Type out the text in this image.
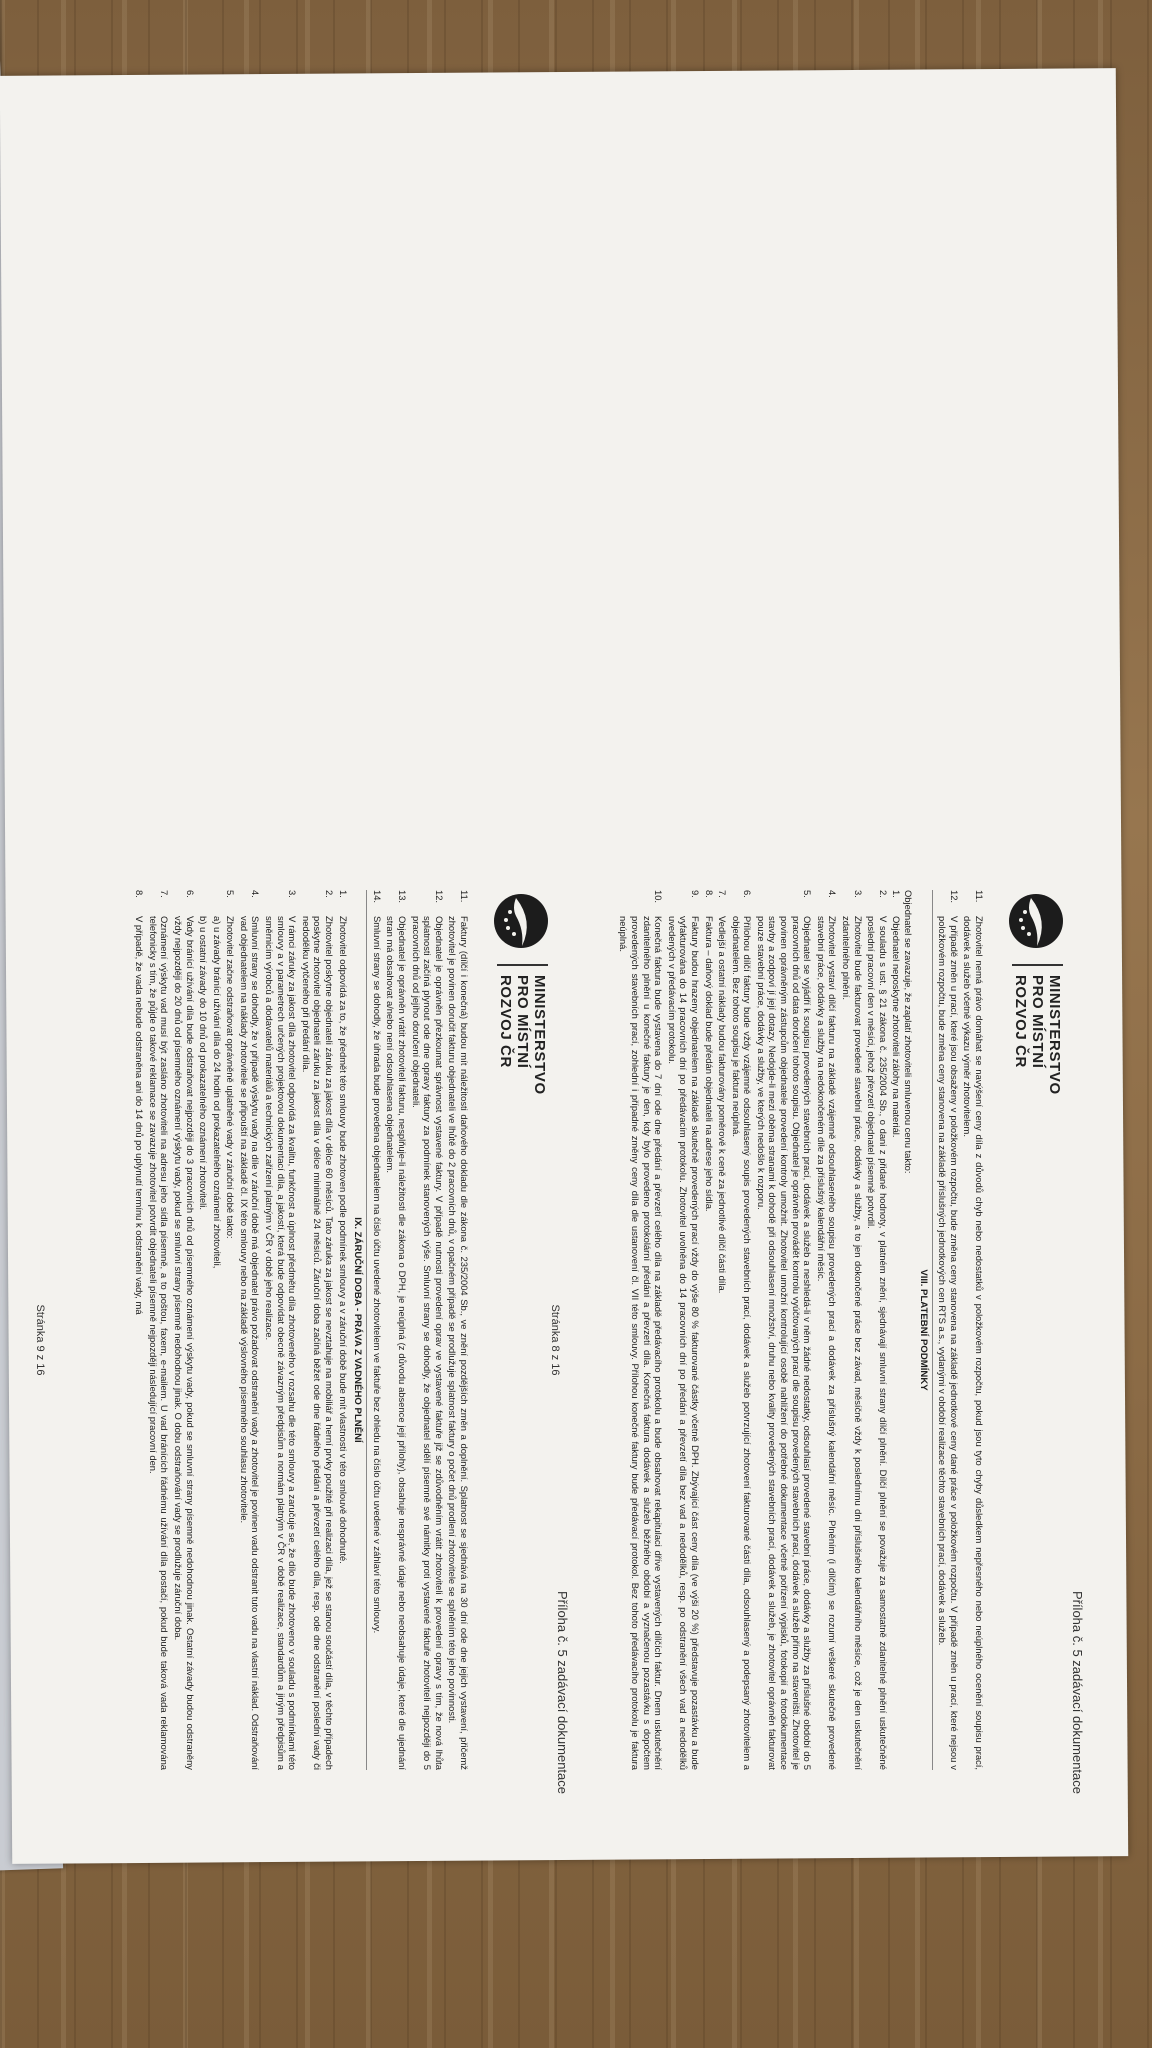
Příloha č. 5 zadávací dokumentace
MINISTERSTVO
PRO MÍSTNÍ
ROZVOJ ČR
11.
Zhotovitel nemá právo domáhat se navýšení ceny díla z důvodů chyb nebo nedostatků v položkovém rozpočtu, pokud jsou tyto chyby důsledkem nepřesného nebo neúplného ocenění soupisu prací, dodávek a služeb včetně výkazu výměr zhotovitelem.
12.
V případě změn u prací, které jsou obsaženy v položkovém rozpočtu, bude změna ceny stanovena na základě jednotkové ceny dané práce v položkovém rozpočtu. V případě změn u prací, které nejsou v položkovém rozpočtu, bude změna ceny stanovena na základě příslušných jednotkových cen RTS a.s., vydanými v období realizace těchto stavebních prací, dodávek a služeb.
VIII. PLATEBNÍ PODMÍNKY
Objednatel se zavazuje, že zaplatí zhotoviteli smluvenou cenu takto:
1.
Objednatel neposkytne zhotoviteli zálohy na materiál.
2.
V souladu s ust. § 21 zákona č. 235/2004 Sb., o dani z přidané hodnoty, v platném znění, sjednávají smluvní strany dílčí plnění. Dílčí plnění se považuje za samostatně zdanitelné plnění uskutečněné poslední pracovní den v měsíci, jehož převzetí objednatel písemně potvrdil.
3.
Zhotovitel bude fakturovat provedené stavební práce, dodávky a služby, a to jen dokončené práce bez závad, měsíčně vždy k poslednímu dni příslušného kalendářního měsíce, což je den uskutečnění zdanitelného plnění.
4.
Zhotovitel vystaví dílčí fakturu na základě vzájemně odsouhlaseného soupisu provedených prací a dodávek za příslušný kalendářní měsíc. Plněním (i dílčím) se rozumí veškeré skutečně provedené stavební práce, dodávky a služby na nedokončeném díle za příslušný kalendářní měsíc.
5.
Objednatel se vyjádří k soupisu provedených stavebních prací, dodávek a služeb a neshledá-li v něm žádné nedostatky, odsouhlasí provedené stavební práce, dodávky a služby za příslušné období do 5 pracovních dnů od data doručení tohoto soupisu. Objednatel je oprávněn provádět kontrolu vyúčtovaných prací dle soupisu provedených stavebních prací, dodávek a služeb přímo na staveništi. Zhotovitel je povinen oprávněným zástupcům objednatele provedení kontroly umožnit. Zhotovitel umožní kontrolující osobě nahlížení do potřebné dokumentace včetně pořízení výpisků, fotokopií a fotodokumentace stavby a zodpoví jí její dotazy. Nedojde-li mezi oběma stranami k dohodě při odsouhlasení množství, druhu nebo kvality provedených stavebních prací, dodávek a služeb, je zhotovitel oprávněn fakturovat pouze stavební práce, dodávky a služby, ve kterých nedošlo k rozporu.
6.
Přílohou dílčí faktury bude vždy vzájemně odsouhlasený soupis provedených stavebních prací, dodávek a služeb potvrzující zhotovení fakturované části díla, odsouhlasený a podepsaný zhotovitelem a objednatelem. Bez tohoto soupisu je faktura neúplná.
7.
Vedlejší a ostatní náklady budou fakturovány poměrově k ceně za jednotlivé dílčí části díla.
8.
Faktura – daňový doklad bude předán objednateli na adrese jeho sídla.
9.
Faktury budou hrazeny objednatelem na základě skutečně provedených prací vždy do výše 80 % fakturované částky včetně DPH. Zbývající část ceny díla (ve výši 20 %) představuje pozastávku a bude vyfakturována do 14 pracovních dní po předávacím protokolu. Zhotovitel uvolněna do 14 pracovních dní po předání a převzetí díla bez vad a nedodělků, resp. po odstranění všech vad a nedodělků uvedených v předávacím protokolu.
10.
Konečná faktura bude vystavena do 7 dní ode dne předání a převzetí celého díla na základě předávacího protokolu a bude obsahovat rekapitulaci dříve vystavených dílčích faktur. Dnem uskutečnění zdanitelného plnění u konečné faktury je den, kdy bylo provedeno protokolární předání a převzetí díla. Konečná faktura dodávek a služeb běžného období a vyznačenou pozastávku s dopočtem provedených stavebních prací, zohlední i případné změny ceny díla dle ustanovení čl. VII této smlouvy. Přílohou konečné faktury bude předávací protokol. Bez tohoto předávacího protokolu je faktura neúplná.
Stránka 8 z 16
Příloha č. 5 zadávací dokumentace
MINISTERSTVO
PRO MÍSTNÍ
ROZVOJ ČR
11.
Faktury (dílčí i konečná) budou mít náležitosti daňového dokladu dle zákona č. 235/2004 Sb., ve znění pozdějších změn a doplnění. Splatnost se sjednává na 30 dní ode dne jejich vystavení, přičemž zhotovitel je povinen doručit fakturu objednateli ve lhůtě do 2 pracovních dnů, v opačném případě se prodlužuje splatnost faktury o počet dnů prodlení zhotovitele se splněním této jeho povinnosti.
12.
Objednatel je oprávněn přezkoumat správnost vystavené faktury. V případě nutnosti provedení oprav ve vystavené faktuře již se zdůvodněním vrátit zhotoviteli k provedení opravy s tím, že nová lhůta splatnosti začíná plynout ode dne opravy faktury za podmínek stanovených výše. Smluvní strany se dohodly, že objednatel sdělí písemně své námitky proti vystavené faktuře zhotoviteli nejpozději do 5 pracovních dnů od jejího doručení objednateli.
13.
Objednatel je oprávněn vrátit zhotoviteli fakturu, nesplňuje-li náležitosti dle zákona o DPH, je neúplná (z důvodu absence její přílohy), obsahuje nesprávné údaje nebo neobsahuje údaje, které dle ujednání stran má obsahovat a/nebo není odsouhlasena objednatelem.
14.
Smluvní strany se dohodly, že úhrada bude provedena objednatelem na číslo účtu uvedené zhotovitelem ve faktuře bez ohledu na číslo účtu uvedené v záhlaví této smlouvy.
IX. ZÁRUČNÍ DOBA - PRÁVA Z VADNÉHO PLNĚNÍ
1.
Zhotovitel odpovídá za to, že předmět této smlouvy bude zhotoven podle podmínek smlouvy a v záruční době bude mít vlastnosti v této smlouvě dohodnuté.
2.
Zhotovitel poskytne objednateli záruku za jakost díla v délce 60 měsíců. Tato záruka za jakost se nevztahuje na mobiliář a herní prvky použité při realizaci díla, jež se stanou součástí díla, v těchto případech poskytne zhotovitel objednateli záruku za jakost díla v délce minimálně 24 měsíců. Záruční doba začíná běžet ode dne řádného předání a převzetí celého díla, resp. ode dne odstranění poslední vady či nedodělku vytčeného při předání díla.
3.
V rámci záruky za jakost díla zhotovitel odpovídá za kvalitu, funkčnost a úplnost předmětu díla zhotoveného v rozsahu dle této smlouvy a zaručuje se, že dílo bude zhotoveno v souladu s podmínkami této smlouvy a v parametrech určených projektovou dokumentací díla, a jakostí, která bude odpovídat obecně závazným předpisům a normám platným v ČR v době realizace, standardům a jiným předpisům a směrnicím výrobců a dodavatelů materiálů a technických zařízení platným v ČR v době jeho realizace.
4.
Smluvní strany se dohodly, že v případě výskytu vady na díle v záruční době má objednatel právo požadovat odstranění vady a zhotovitel je povinen vadu odstranit tuto vadu na vlastní náklad. Odstraňování vad objednatelem na náklady zhotovitele se připouští na základě čl. IX této smlouvy nebo na základě výslovného písemného souhlasu zhotovitele.
5.
Zhotovitel začne odstraňovat oprávněně uplatněné vady v záruční době takto:
a) u závady bránící užívání díla do 24 hodin od prokazatelného oznámení zhotoviteli,
b) u ostatní závady do 10 dnů od prokazatelného oznámení zhotoviteli.
6.
Vady bránící užívání díla bude odstraňovat nejpozději do 3 pracovních dnů od písemného oznámení výskytu vady, pokud se smluvní strany písemně nedohodnou jinak. Ostatní závady budou odstraněny vždy nejpozději do 20 dnů od písemného oznámení výskytu vady, pokud se smluvní strany písemně nedohodnou jinak. O dobu odstraňování vady se prodlužuje záruční doba.
7.
Oznámení výskytu vad musí být zasláno zhotoviteli na adresu jeho sídla písemně, a to poštou, faxem, e-mailem. U vad bránících řádnému užívání díla postačí, pokud bude taková vada reklamována telefonicky s tím, že půjde o takové reklamace se zavazuje zhotovitel potvrdit objednateli písemně nejpozději následující pracovní den.
8.
V případě, že vada nebude odstraněna ani do 14 dnů po uplynutí termínu k odstranění vady, má
Stránka 9 z 16
